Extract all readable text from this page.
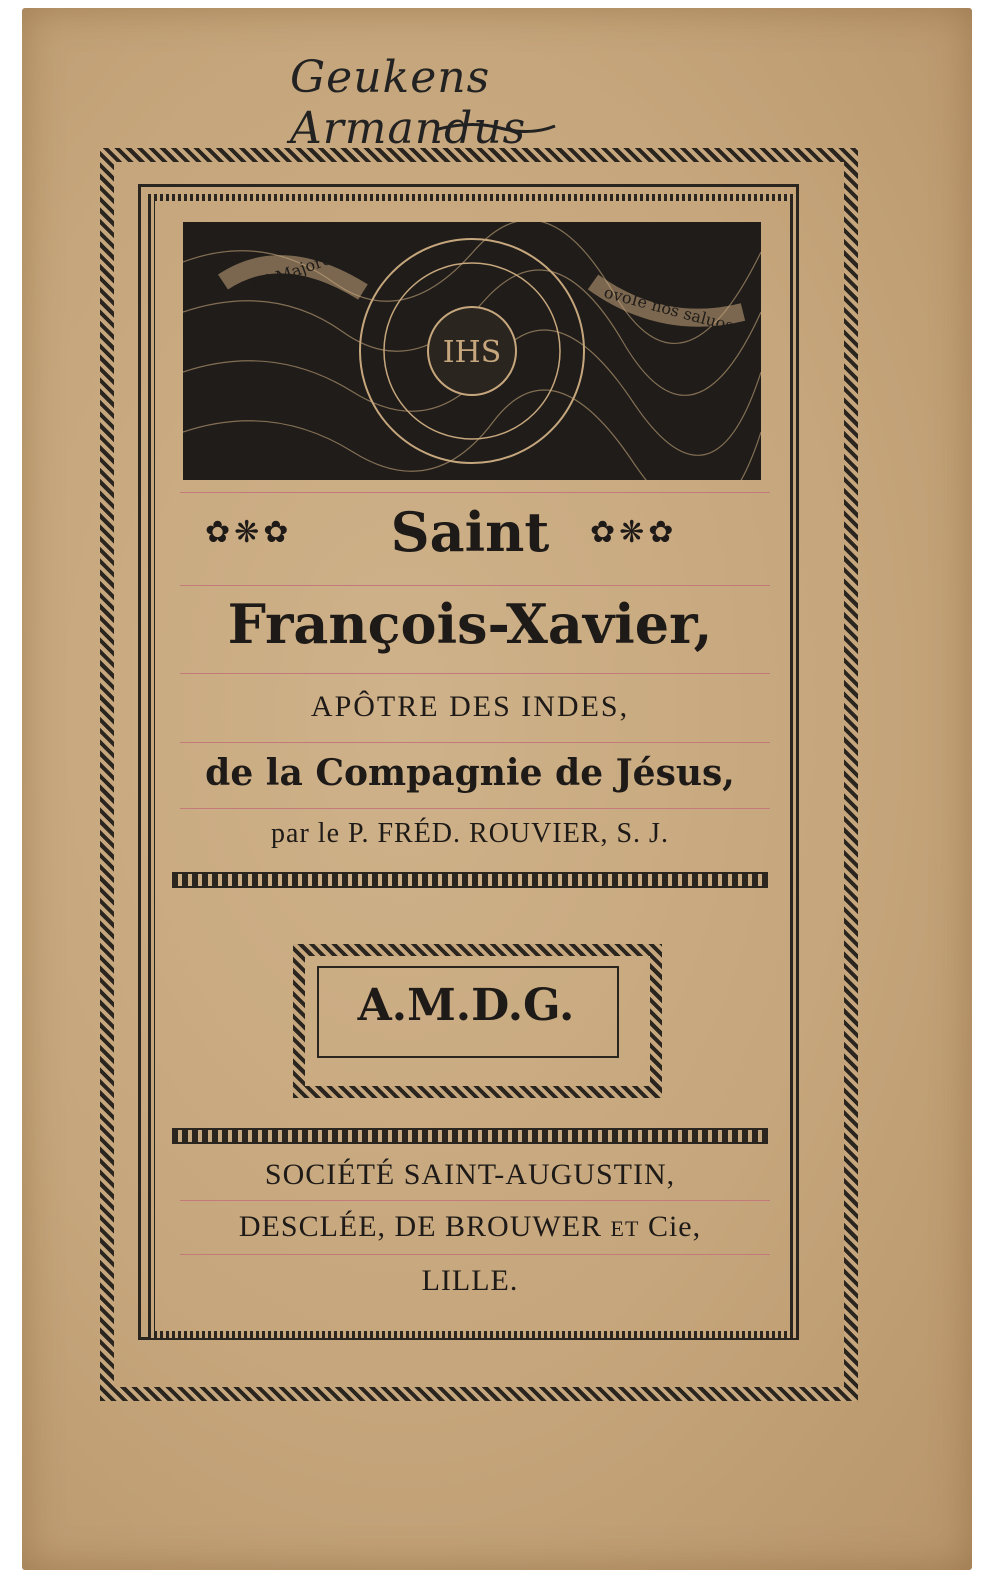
Geukens Armandus
IHS
Ad Majorem Dei
ovoIe nos saluos
✿❋✿	✿❋✿
Saint
François-Xavier,
APÔTRE DES INDES,
de la Compagnie de Jésus,
par le P. FRÉD. ROUVIER, S. J.
A.M.D.G.
SOCIÉTÉ SAINT-AUGUSTIN,
DESCLÉE, DE BROUWER ET Cie,
LILLE.
